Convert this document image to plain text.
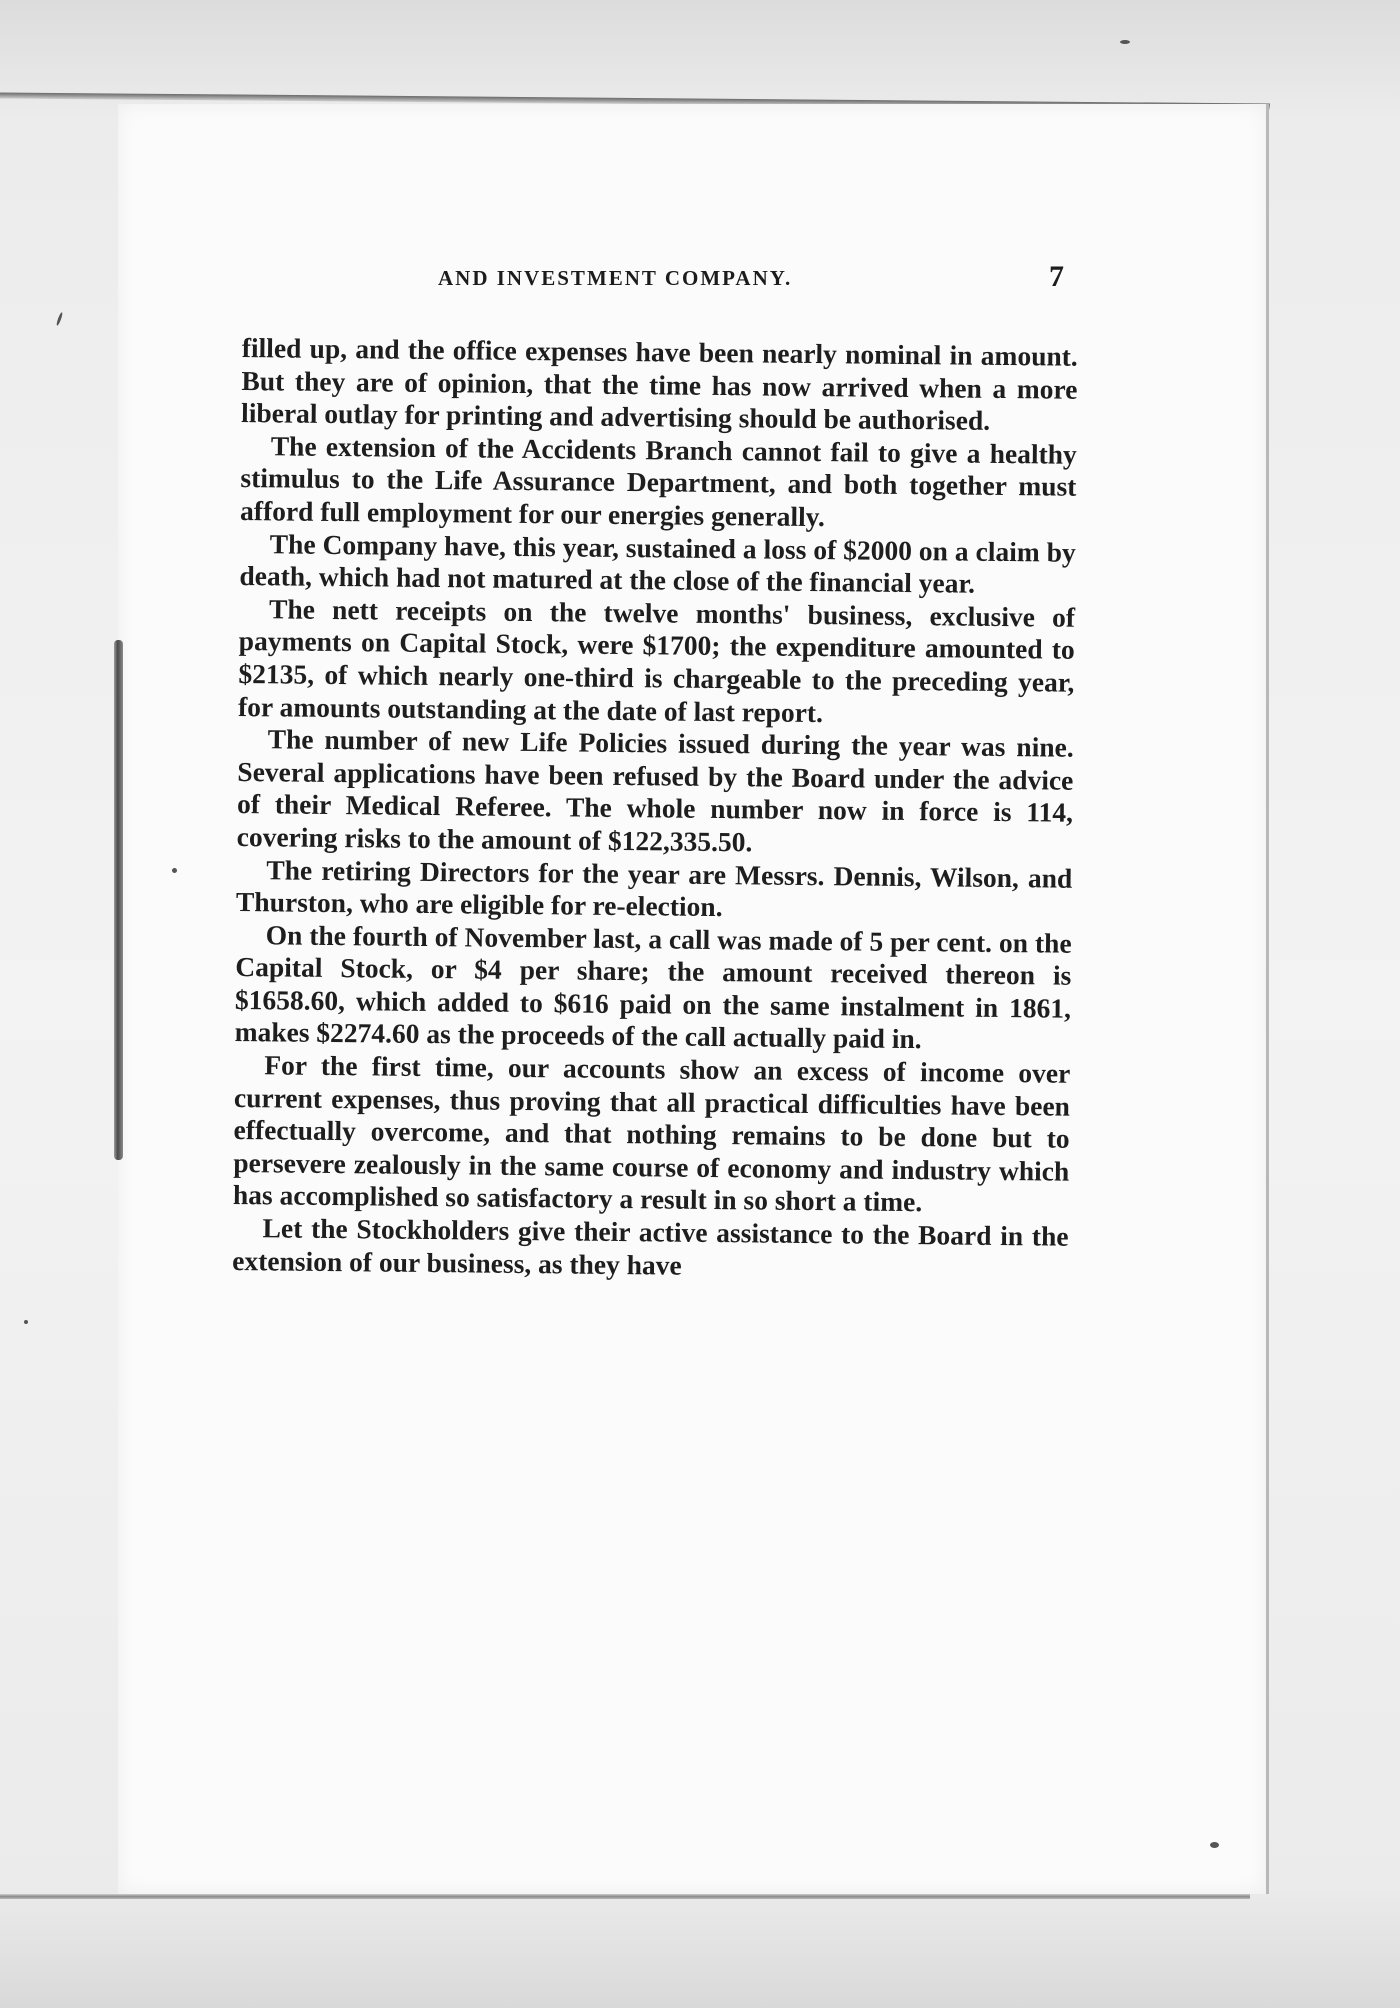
AND INVESTMENT COMPANY.	7

filled up, and the office expenses have been nearly nominal in amount. But they are of opinion, that the time has now arrived when a more liberal outlay for printing and advertising should be authorised.

The extension of the Accidents Branch cannot fail to give a healthy stimulus to the Life Assurance Department, and both together must afford full employment for our energies generally.

The Company have, this year, sustained a loss of $2000 on a claim by death, which had not matured at the close of the financial year.

The nett receipts on the twelve months' business, exclusive of payments on Capital Stock, were $1700; the expenditure amounted to $2135, of which nearly one-third is chargeable to the preceding year, for amounts outstanding at the date of last report.

The number of new Life Policies issued during the year was nine. Several applications have been refused by the Board under the advice of their Medical Referee. The whole number now in force is 114, covering risks to the amount of $122,335.50.

The retiring Directors for the year are Messrs. Dennis, Wilson, and Thurston, who are eligible for re-election.

On the fourth of November last, a call was made of 5 per cent. on the Capital Stock, or $4 per share; the amount received thereon is $1658.60, which added to $616 paid on the same instalment in 1861, makes $2274.60 as the proceeds of the call actually paid in.

For the first time, our accounts show an excess of income over current expenses, thus proving that all practical difficulties have been effectually overcome, and that nothing remains to be done but to persevere zealously in the same course of economy and industry which has accomplished so satisfactory a result in so short a time.

Let the Stockholders give their active assistance to the Board in the extension of our business, as they have
